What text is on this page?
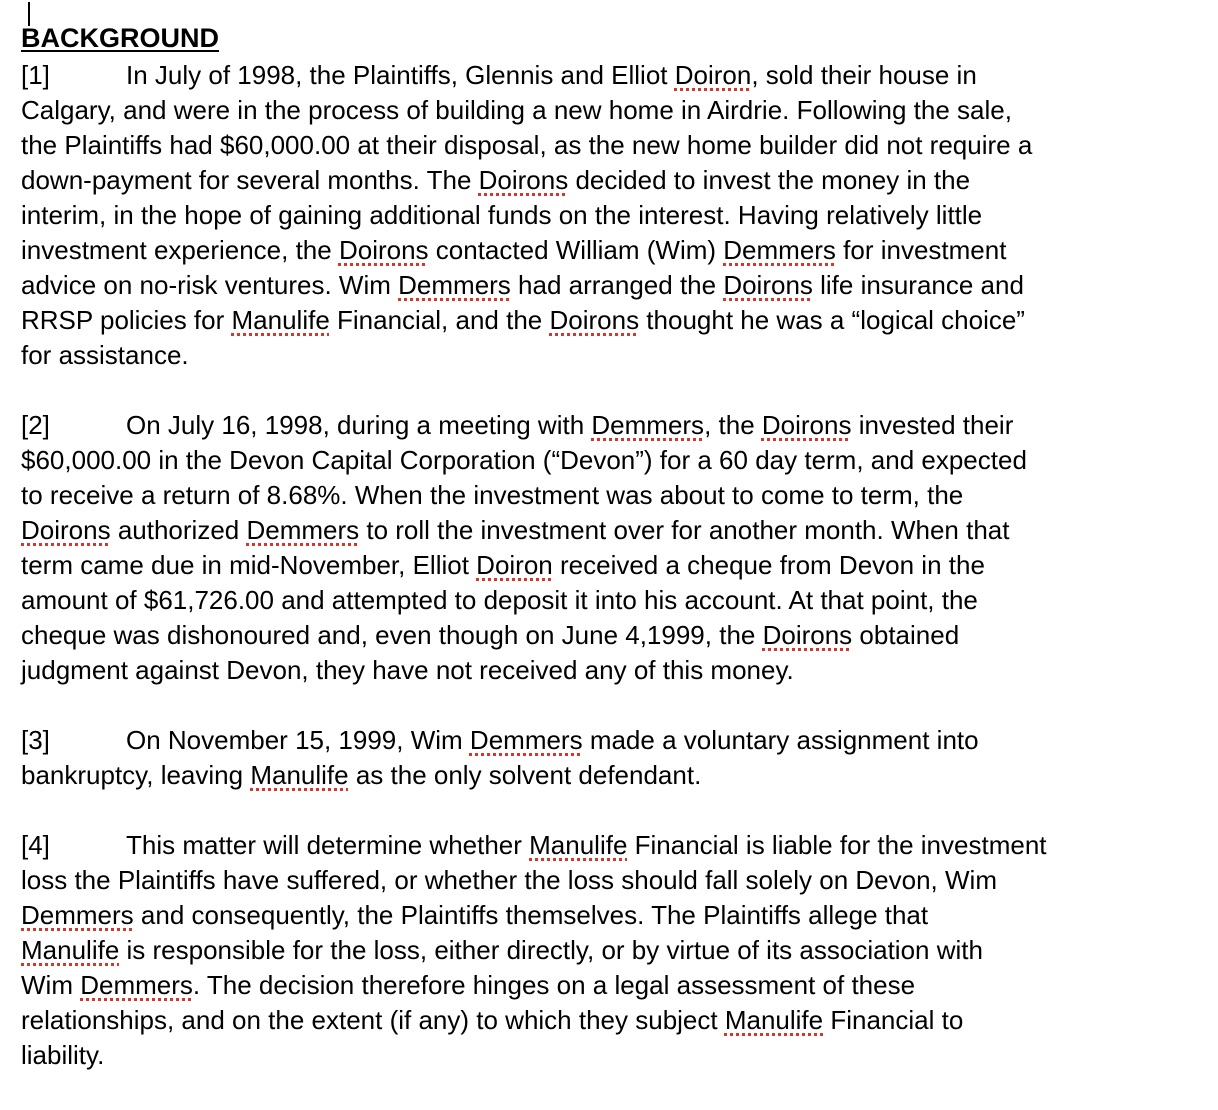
BACKGROUND
[1]	In July of 1998, the Plaintiffs, Glennis and Elliot Doiron, sold their house in
Calgary, and were in the process of building a new home in Airdrie. Following the sale,
the Plaintiffs had $60,000.00 at their disposal, as the new home builder did not require a
down-payment for several months. The Doirons decided to invest the money in the
interim, in the hope of gaining additional funds on the interest. Having relatively little
investment experience, the Doirons contacted William (Wim) Demmers for investment
advice on no-risk ventures. Wim Demmers had arranged the Doirons life insurance and
RRSP policies for Manulife Financial, and the Doirons thought he was a “logical choice”
for assistance.
[2]	On July 16, 1998, during a meeting with Demmers, the Doirons invested their
$60,000.00 in the Devon Capital Corporation (“Devon”) for a 60 day term, and expected
to receive a return of 8.68%. When the investment was about to come to term, the
Doirons authorized Demmers to roll the investment over for another month. When that
term came due in mid-November, Elliot Doiron received a cheque from Devon in the
amount of $61,726.00 and attempted to deposit it into his account. At that point, the
cheque was dishonoured and, even though on June 4,1999, the Doirons obtained
judgment against Devon, they have not received any of this money.
[3]	On November 15, 1999, Wim Demmers made a voluntary assignment into
bankruptcy, leaving Manulife as the only solvent defendant.
[4]	This matter will determine whether Manulife Financial is liable for the investment
loss the Plaintiffs have suffered, or whether the loss should fall solely on Devon, Wim
Demmers and consequently, the Plaintiffs themselves. The Plaintiffs allege that
Manulife is responsible for the loss, either directly, or by virtue of its association with
Wim Demmers. The decision therefore hinges on a legal assessment of these
relationships, and on the extent (if any) to which they subject Manulife Financial to
liability.
